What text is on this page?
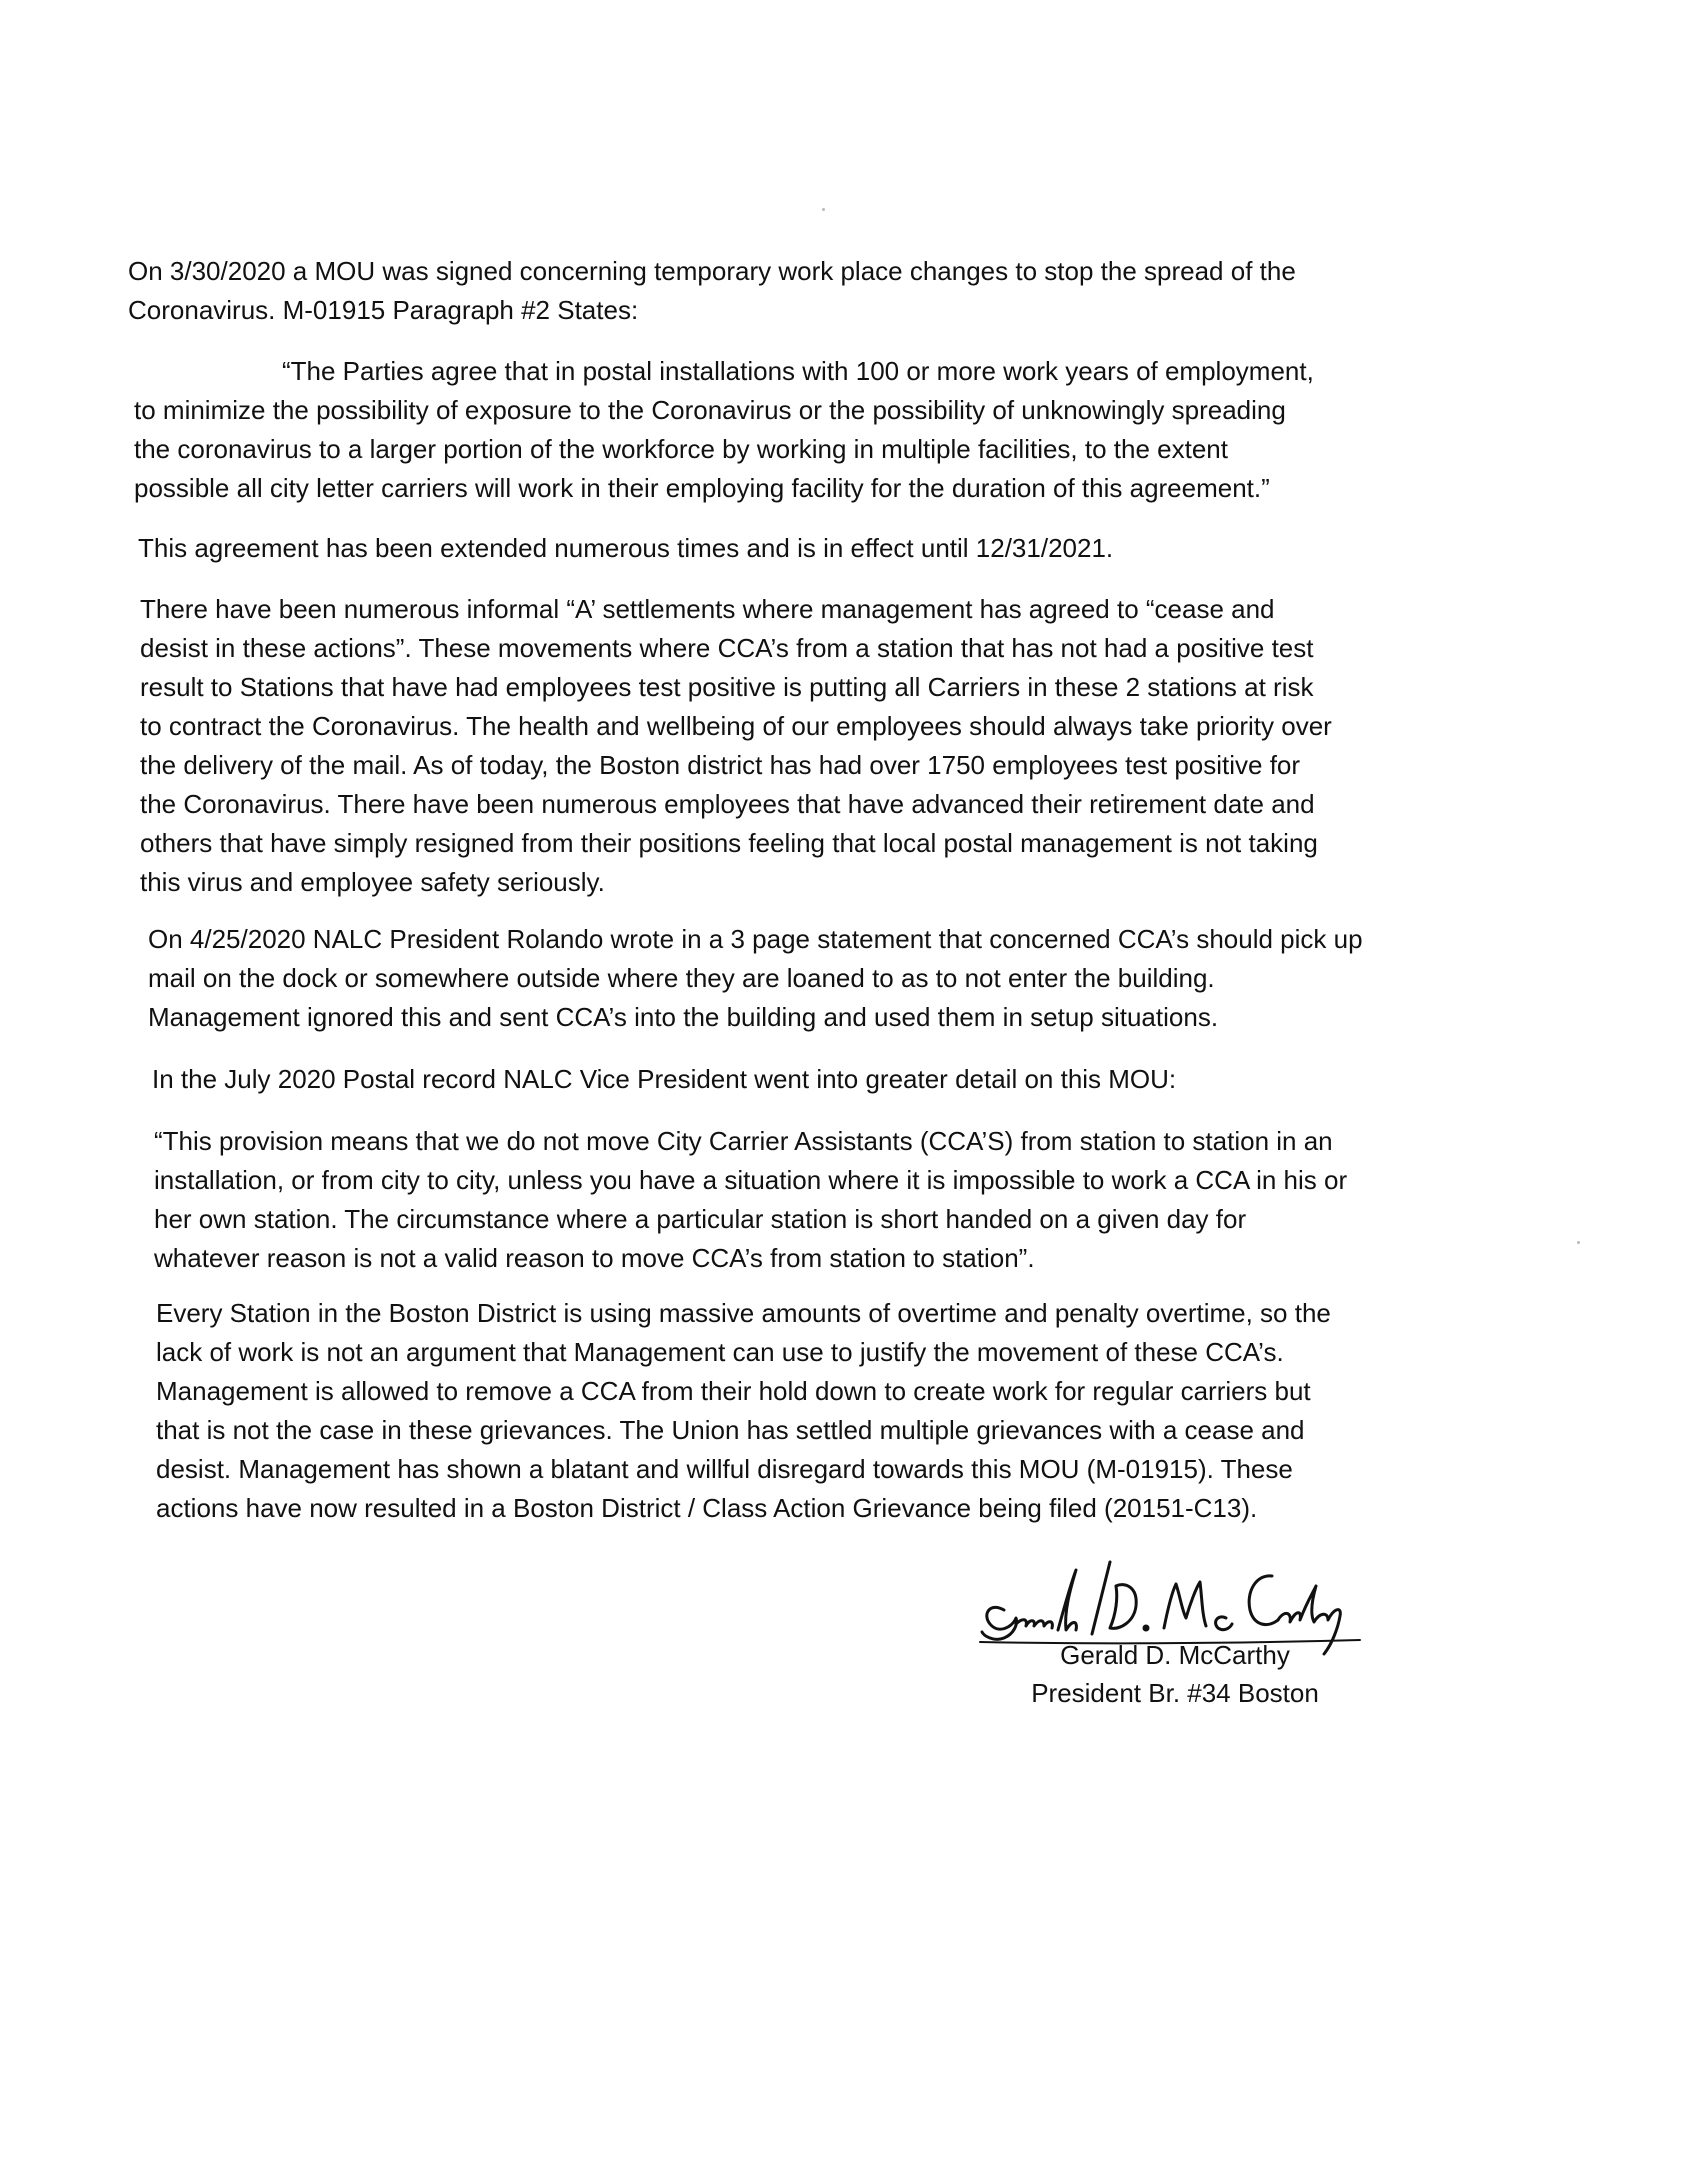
On 3/30/2020 a MOU was signed concerning temporary work place changes to stop the spread of the
Coronavirus. M-01915 Paragraph #2 States:

“The Parties agree that in postal installations with 100 or more work years of employment,
to minimize the possibility of exposure to the Coronavirus or the possibility of unknowingly spreading
the coronavirus to a larger portion of the workforce by working in multiple facilities, to the extent
possible all city letter carriers will work in their employing facility for the duration of this agreement.”

This agreement has been extended numerous times and is in effect until 12/31/2021.

There have been numerous informal “A’ settlements where management has agreed to “cease and
desist in these actions”. These movements where CCA’s from a station that has not had a positive test
result to Stations that have had employees test positive is putting all Carriers in these 2 stations at risk
to contract the Coronavirus. The health and wellbeing of our employees should always take priority over
the delivery of the mail. As of today, the Boston district has had over 1750 employees test positive for
the Coronavirus. There have been numerous employees that have advanced their retirement date and
others that have simply resigned from their positions feeling that local postal management is not taking
this virus and employee safety seriously.

On 4/25/2020 NALC President Rolando wrote in a 3 page statement that concerned CCA’s should pick up
mail on the dock or somewhere outside where they are loaned to as to not enter the building.
Management ignored this and sent CCA’s into the building and used them in setup situations.

In the July 2020 Postal record NALC Vice President went into greater detail on this MOU:

“This provision means that we do not move City Carrier Assistants (CCA’S) from station to station in an
installation, or from city to city, unless you have a situation where it is impossible to work a CCA in his or
her own station. The circumstance where a particular station is short handed on a given day for
whatever reason is not a valid reason to move CCA’s from station to station”.

Every Station in the Boston District is using massive amounts of overtime and penalty overtime, so the
lack of work is not an argument that Management can use to justify the movement of these CCA’s.
Management is allowed to remove a CCA from their hold down to create work for regular carriers but
that is not the case in these grievances. The Union has settled multiple grievances with a cease and
desist. Management has shown a blatant and willful disregard towards this MOU (M-01915). These
actions have now resulted in a Boston District / Class Action Grievance being filed (20151-C13).

Gerald D. McCarthy
President Br. #34 Boston
